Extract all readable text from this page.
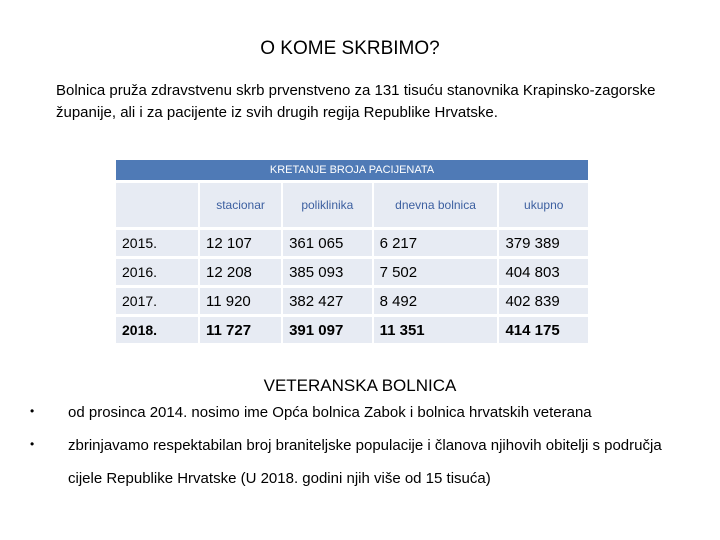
O KOME SKRBIMO?
Bolnica pruža zdravstvenu skrb prvenstveno za 131 tisuću stanovnika Krapinsko-zagorske županije, ali i za pacijente iz svih drugih regija Republike Hrvatske.
KRETANJE BROJA PACIJENATA
	stacionar	poliklinika	dnevna bolnica	ukupno
2015.	12 107	361 065	6 217	379 389
2016.	12 208	385 093	7 502	404 803
2017.	11 920	382 427	8 492	402 839
2018.	11 727	391 097	11 351	414 175
VETERANSKA BOLNICA
• od prosinca 2014. nosimo ime Opća bolnica Zabok i bolnica hrvatskih veterana
• zbrinjavamo respektabilan broj braniteljske populacije i članova njihovih obitelji s područja cijele Republike Hrvatske (U 2018. godini njih više od 15 tisuća)
